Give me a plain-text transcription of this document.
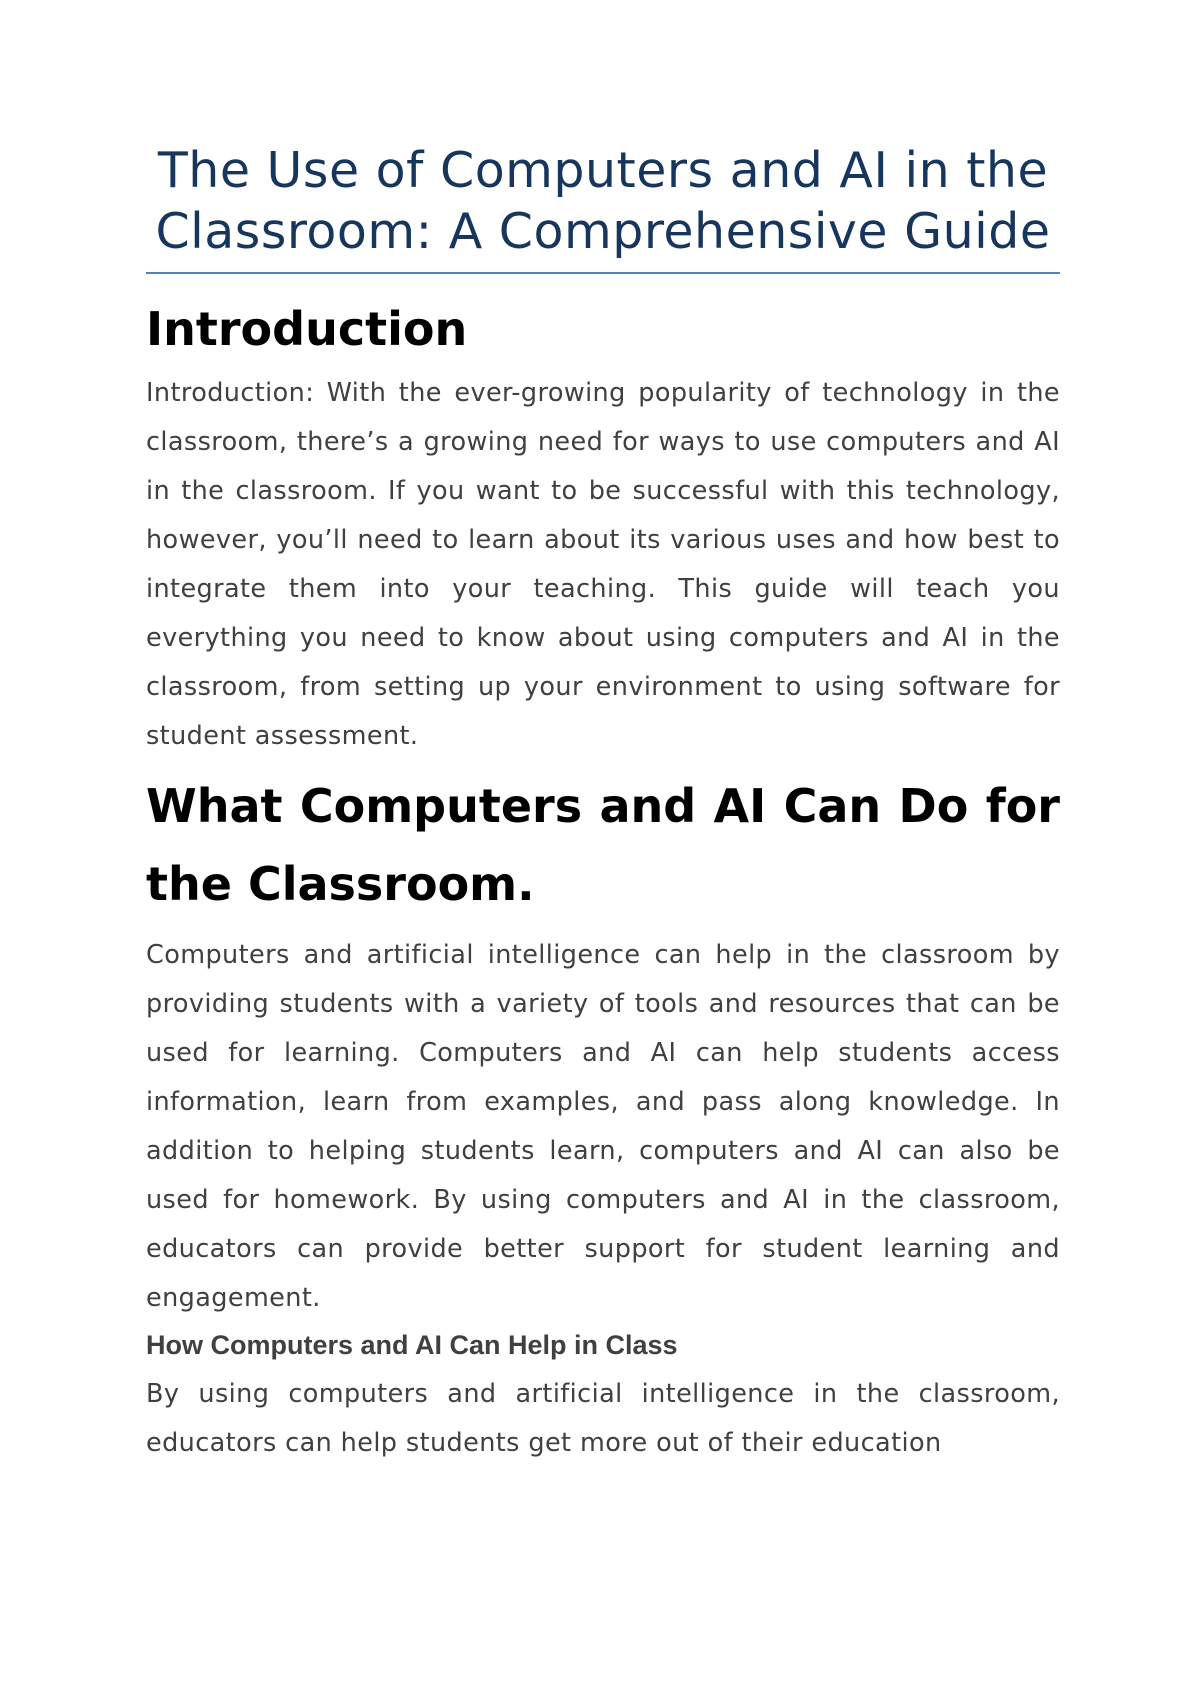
The Use of Computers and AI in the Classroom: A Comprehensive Guide
Introduction

Introduction: With the ever-growing popularity of technology in the classroom, there’s a growing need for ways to use computers and AI in the classroom. If you want to be successful with this technology, however, you’ll need to learn about its various uses and how best to integrate them into your teaching. This guide will teach you everything you need to know about using computers and AI in the classroom, from setting up your environment to using software for student assessment.

What Computers and AI Can Do for the Classroom.

Computers and artificial intelligence can help in the classroom by providing students with a variety of tools and resources that can be used for learning. Computers and AI can help students access information, learn from examples, and pass along knowledge. In addition to helping students learn, computers and AI can also be used for homework. By using computers and AI in the classroom, educators can provide better support for student learning and engagement.

How Computers and AI Can Help in Class

By using computers and artificial intelligence in the classroom, educators can help students get more out of their education
